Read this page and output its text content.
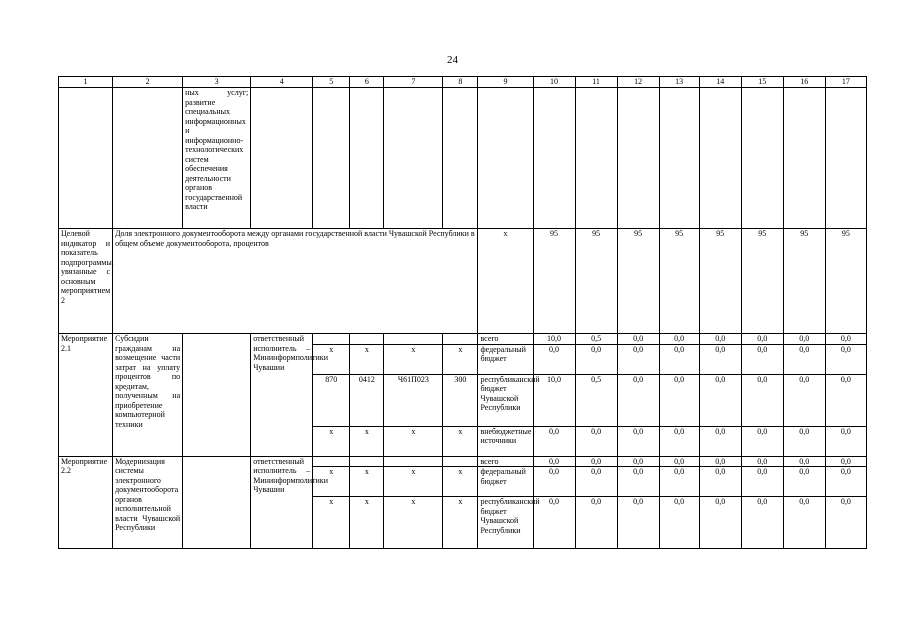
24
1	2	3	4	5	6	7	8	9	10	11	12	13	14	15	16	17
		ных услуг; развитие специальных информационных и информационно-технологических систем обеспечения деятельности органов государственной власти														
Целевой индикатор и показатель подпрограммы, увязанные с основным мероприятием 2	Доля электронного документооборота между органами государственной власти Чувашской Республики в общем объеме документооборота, процентов							х	95	95	95	95	95	95	95	95
Мероприятие 2.1	Субсидии гражданам на возмещение части затрат на уплату процентов по кредитам, полученным на приобретение компьютерной техники		ответственный исполнитель – Мининформполитики Чувашии					всего	10,0	0,5	0,0	0,0	0,0	0,0	0,0	0,0
				х	х	х	х	федеральный бюджет	0,0	0,0	0,0	0,0	0,0	0,0	0,0	0,0
				870	0412	Ч61П023	300	республиканский бюджет Чувашской Республики	10,0	0,5	0,0	0,0	0,0	0,0	0,0	0,0
				х	х	х	х	внебюджетные источники	0,0	0,0	0,0	0,0	0,0	0,0	0,0	0,0
Мероприятие 2.2	Модернизация системы электронного документооборота органов исполнительной власти Чувашской Республики		ответственный исполнитель – Мининформполитики Чувашии					всего	0,0	0,0	0,0	0,0	0,0	0,0	0,0	0,0
				х	х	х	х	федеральный бюджет	0,0	0,0	0,0	0,0	0,0	0,0	0,0	0,0
				х	х	х	х	республиканский бюджет Чувашской Республики	0,0	0,0	0,0	0,0	0,0	0,0	0,0	0,0
